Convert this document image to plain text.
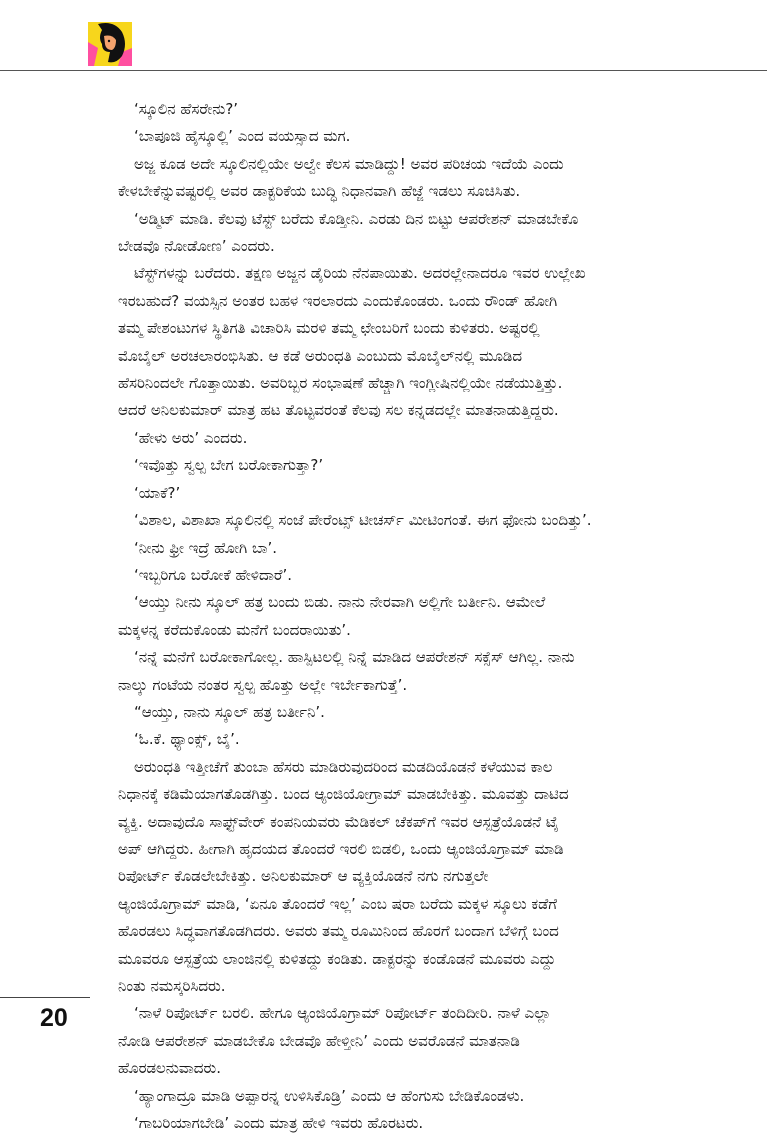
‘ಸ್ಕೂಲಿನ ಹೆಸರೇನು?’

‘ಬಾಪೂಜಿ ಹೈಸ್ಕೂಲ್ಲಿ’ ಎಂದ ವಯಸ್ಸಾದ ಮಗ.

ಅಜ್ಜ ಕೂಡ ಅದೇ ಸ್ಕೂಲಿನಲ್ಲಿಯೇ ಅಲ್ವೇ ಕೆಲಸ ಮಾಡಿದ್ದು! ಅವರ ಪರಿಚಯ ಇದೆಯೆ ಎಂದು
ಕೇಳಬೇಕೆನ್ನುವಷ್ಟರಲ್ಲಿ ಅವರ ಡಾಕ್ಟರಿಕೆಯ ಬುದ್ಧಿ ನಿಧಾನವಾಗಿ ಹೆಜ್ಜೆ ಇಡಲು ಸೂಚಿಸಿತು.

‘ಅಡ್ಮಿಟ್ ಮಾಡಿ. ಕೆಲವು ಟೆಸ್ಟ್ ಬರೆದು ಕೊಡ್ತೀನಿ. ಎರಡು ದಿನ ಬಿಟ್ಟು ಆಪರೇಶನ್ ಮಾಡಬೇಕೊ
ಬೇಡವೊ ನೋಡೋಣ’ ಎಂದರು.

ಟೆಸ್ಟ್‌ಗಳನ್ನು ಬರೆದರು. ತಕ್ಷಣ ಅಜ್ಜನ ಡೈರಿಯ ನೆನಪಾಯಿತು. ಅದರಲ್ಲೇನಾದರೂ ಇವರ ಉಲ್ಲೇಖ
ಇರಬಹುದೆ? ವಯಸ್ಸಿನ ಅಂತರ ಬಹಳ ಇರಲಾರದು ಎಂದುಕೊಂಡರು. ಒಂದು ರೌಂಡ್ ಹೋಗಿ
ತಮ್ಮ ಪೇಶಂಟುಗಳ ಸ್ಥಿತಿಗತಿ ವಿಚಾರಿಸಿ ಮರಳಿ ತಮ್ಮ ಛೇಂಬರಿಗೆ ಬಂದು ಕುಳಿತರು. ಅಷ್ಟರಲ್ಲಿ
ಮೊಬೈಲ್ ಅರಚಲಾರಂಭಿಸಿತು. ಆ ಕಡೆ ಅರುಂಧತಿ ಎಂಬುದು ಮೊಬೈಲ್‌ನಲ್ಲಿ ಮೂಡಿದ
ಹೆಸರಿನಿಂದಲೇ ಗೊತ್ತಾಯಿತು. ಅವರಿಬ್ಬರ ಸಂಭಾಷಣೆ ಹೆಚ್ಚಾಗಿ ಇಂಗ್ಲೀಷಿನಲ್ಲಿಯೇ ನಡೆಯುತ್ತಿತ್ತು.
ಆದರೆ ಅನಿಲಕುಮಾರ್ ಮಾತ್ರ ಹಟ ತೊಟ್ಟವರಂತೆ ಕೆಲವು ಸಲ ಕನ್ನಡದಲ್ಲೇ ಮಾತನಾಡುತ್ತಿದ್ದರು.

‘ಹೇಳು ಅರು’ ಎಂದರು.

‘ಇವೊತ್ತು ಸ್ವಲ್ಪ ಬೇಗ ಬರೋಕಾಗುತ್ತಾ?’

‘ಯಾಕೆ?’

‘ವಿಶಾಲ, ವಿಶಾಖಾ ಸ್ಕೂಲಿನಲ್ಲಿ ಸಂಜೆ ಪೇರೆಂಟ್ಸ್ ಟೀಚರ್ಸ್ ಮೀಟಿಂಗಂತೆ. ಈಗ ಫೋನು ಬಂದಿತ್ತು’.

‘ನೀನು ಫ್ರೀ ಇದ್ರೆ ಹೋಗಿ ಬಾ’.

‘ಇಬ್ಬರಿಗೂ ಬರೋಕೆ ಹೇಳಿದಾರೆ’.

‘ಆಯ್ತು ನೀನು ಸ್ಕೂಲ್ ಹತ್ರ ಬಂದು ಬಿಡು. ನಾನು ನೇರವಾಗಿ ಅಲ್ಲಿಗೇ ಬರ್ತೀನಿ. ಆಮೇಲೆ
ಮಕ್ಕಳನ್ನ ಕರೆದುಕೊಂಡು ಮನೆಗೆ ಬಂದರಾಯಿತು’.

‘ನನ್ನೆ ಮನೆಗೆ ಬರೋಕಾಗೋಲ್ಲ. ಹಾಸ್ಪಿಟಲಲ್ಲಿ ನಿನ್ನೆ ಮಾಡಿದ ಆಪರೇಶನ್ ಸಕ್ಸೆಸ್ ಆಗಿಲ್ಲ. ನಾನು
ನಾಲ್ಕು ಗಂಟೆಯ ನಂತರ ಸ್ವಲ್ಪ ಹೊತ್ತು ಅಲ್ಲೇ ಇರ್ಬೇಕಾಗುತ್ತೆ’.

“ಆಯ್ತು, ನಾನು ಸ್ಕೂಲ್ ಹತ್ರ ಬರ್ತೀನಿ’.

‘ಓ.ಕೆ. ಥ್ಯಾಂಕ್ಸ್, ಬೈ’.

ಅರುಂಧತಿ ಇತ್ತೀಚೆಗೆ ತುಂಬಾ ಹೆಸರು ಮಾಡಿರುವುದರಿಂದ ಮಡದಿಯೊಡನೆ ಕಳೆಯುವ ಕಾಲ
ನಿಧಾನಕ್ಕೆ ಕಡಿಮೆಯಾಗತೊಡಗಿತ್ತು. ಬಂದ ಆ್ಯಂಜಿಯೋಗ್ರಾಮ್ ಮಾಡಬೇಕಿತ್ತು. ಮೂವತ್ತು ದಾಟಿದ
ವ್ಯಕ್ತಿ. ಅದಾವುದೊ ಸಾಫ್ಟ್‌ವೇರ್ ಕಂಪನಿಯವರು ಮೆಡಿಕಲ್ ಚೆಕಪ್‌ಗೆ ಇವರ ಆಸ್ಪತ್ರೆಯೊಡನೆ ಟೈ
ಅಪ್ ಆಗಿದ್ದರು. ಹೀಗಾಗಿ ಹೃದಯದ ತೊಂದರೆ ಇರಲಿ ಬಿಡಲಿ, ಒಂದು ಆ್ಯಂಜಿಯೊಗ್ರಾಮ್ ಮಾಡಿ
ರಿಪೋರ್ಟ್ ಕೊಡಲೇಬೇಕಿತ್ತು. ಅನಿಲಕುಮಾರ್ ಆ ವ್ಯಕ್ತಿಯೊಡನೆ ನಗು ನಗುತ್ತಲೇ
ಆ್ಯಂಜಿಯೊಗ್ರಾಮ್ ಮಾಡಿ, ‘ಏನೂ ತೊಂದರೆ ಇಲ್ಲ’ ಎಂಬ ಷರಾ ಬರೆದು ಮಕ್ಕಳ ಸ್ಕೂಲು ಕಡೆಗೆ
ಹೊರಡಲು ಸಿದ್ಧವಾಗತೊಡಗಿದರು. ಅವರು ತಮ್ಮ ರೂಮಿನಿಂದ ಹೊರಗೆ ಬಂದಾಗ ಬೆಳಿಗ್ಗೆ ಬಂದ
ಮೂವರೂ ಆಸ್ಪತ್ರೆಯ ಲಾಂಜಿನಲ್ಲಿ ಕುಳಿತದ್ದು ಕಂಡಿತು. ಡಾಕ್ಟರನ್ನು ಕಂಡೊಡನೆ ಮೂವರು ಎದ್ದು
ನಿಂತು ನಮಸ್ಕರಿಸಿದರು.

‘ನಾಳೆ ರಿಪೋರ್ಟ್ ಬರಲಿ. ಹೇಗೂ ಆ್ಯಂಜಿಯೊಗ್ರಾಮ್ ರಿಪೋರ್ಟ್ ತಂದಿದೀರಿ. ನಾಳೆ ಎಲ್ಲಾ
ನೋಡಿ ಆಪರೇಶನ್ ಮಾಡಬೇಕೊ ಬೇಡವೊ ಹೇಳ್ತೀನಿ’ ಎಂದು ಅವರೊಡನೆ ಮಾತನಾಡಿ
ಹೊರಡಲನುವಾದರು.

‘ಹ್ಯಾಂಗಾದ್ರೂ ಮಾಡಿ ಅಪ್ಪಾರನ್ನ ಉಳಿಸಿಕೊಡ್ರಿ’ ಎಂದು ಆ ಹೆಂಗುಸು ಬೇಡಿಕೊಂಡಳು.

‘ಗಾಬರಿಯಾಗಬೇಡಿ’ ಎಂದು ಮಾತ್ರ ಹೇಳಿ ಇವರು ಹೊರಟರು.

20
